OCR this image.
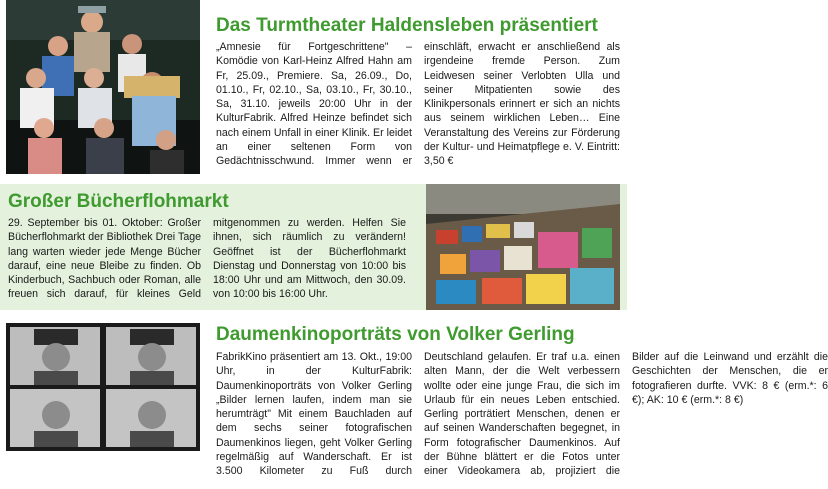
Das Turmtheater Haldensleben präsentiert

„Amnesie für Fortgeschrittene" – Komödie von Karl-Heinz Alfred Hahn am Fr, 25.09., Premiere. Sa, 26.09., Do, 01.10., Fr, 02.10., Sa, 03.10., Fr, 30.10., Sa, 31.10. jeweils 20:00 Uhr in der KulturFabrik. Alfred Heinze befindet sich nach einem Unfall in einer Klinik. Er leidet an einer seltenen Form von Gedächtnisschwund. Immer wenn er einschläft, erwacht er anschließend als irgendeine fremde Person. Zum Leidwesen seiner Verlobten Ulla und seiner Mitpatienten sowie des Klinikpersonals erinnert er sich an nichts aus seinem wirklichen Leben… Eine Veranstaltung des Vereins zur Förderung der Kultur- und Heimatpflege e. V. Eintritt: 3,50 €

Großer Bücherflohmarkt

29. September bis 01. Oktober: Großer Bücherflohmarkt der Bibliothek Drei Tage lang warten wieder jede Menge Bücher darauf, eine neue Bleibe zu finden. Ob Kinderbuch, Sachbuch oder Roman, alle freuen sich darauf, für kleines Geld mitgenommen zu werden. Helfen Sie ihnen, sich räumlich zu verändern! Geöffnet ist der Bücherflohmarkt Dienstag und Donnerstag von 10:00 bis 18:00 Uhr und am Mittwoch, den 30.09. von 10:00 bis 16:00 Uhr.

Daumenkinoporträts von Volker Gerling

FabrikKino präsentiert am 13. Okt., 19:00 Uhr, in der KulturFabrik: Daumenkinoporträts von Volker Gerling „Bilder lernen laufen, indem man sie herumträgt" Mit einem Bauchladen auf dem sechs seiner fotografischen Daumenkinos liegen, geht Volker Gerling regelmäßig auf Wanderschaft. Er ist 3.500 Kilometer zu Fuß durch Deutschland gelaufen. Er traf u.a. einen alten Mann, der die Welt verbessern wollte oder eine junge Frau, die sich im Urlaub für ein neues Leben entschied. Gerling porträtiert Menschen, denen er auf seinen Wanderschaften begegnet, in Form fotografischer Daumenkinos. Auf der Bühne blättert er die Fotos unter einer Videokamera ab, projiziert die Bilder auf die Leinwand und erzählt die Geschichten der Menschen, die er fotografieren durfte. VVK: 8 € (erm.*: 6 €); AK: 10 € (erm.*: 8 €)
